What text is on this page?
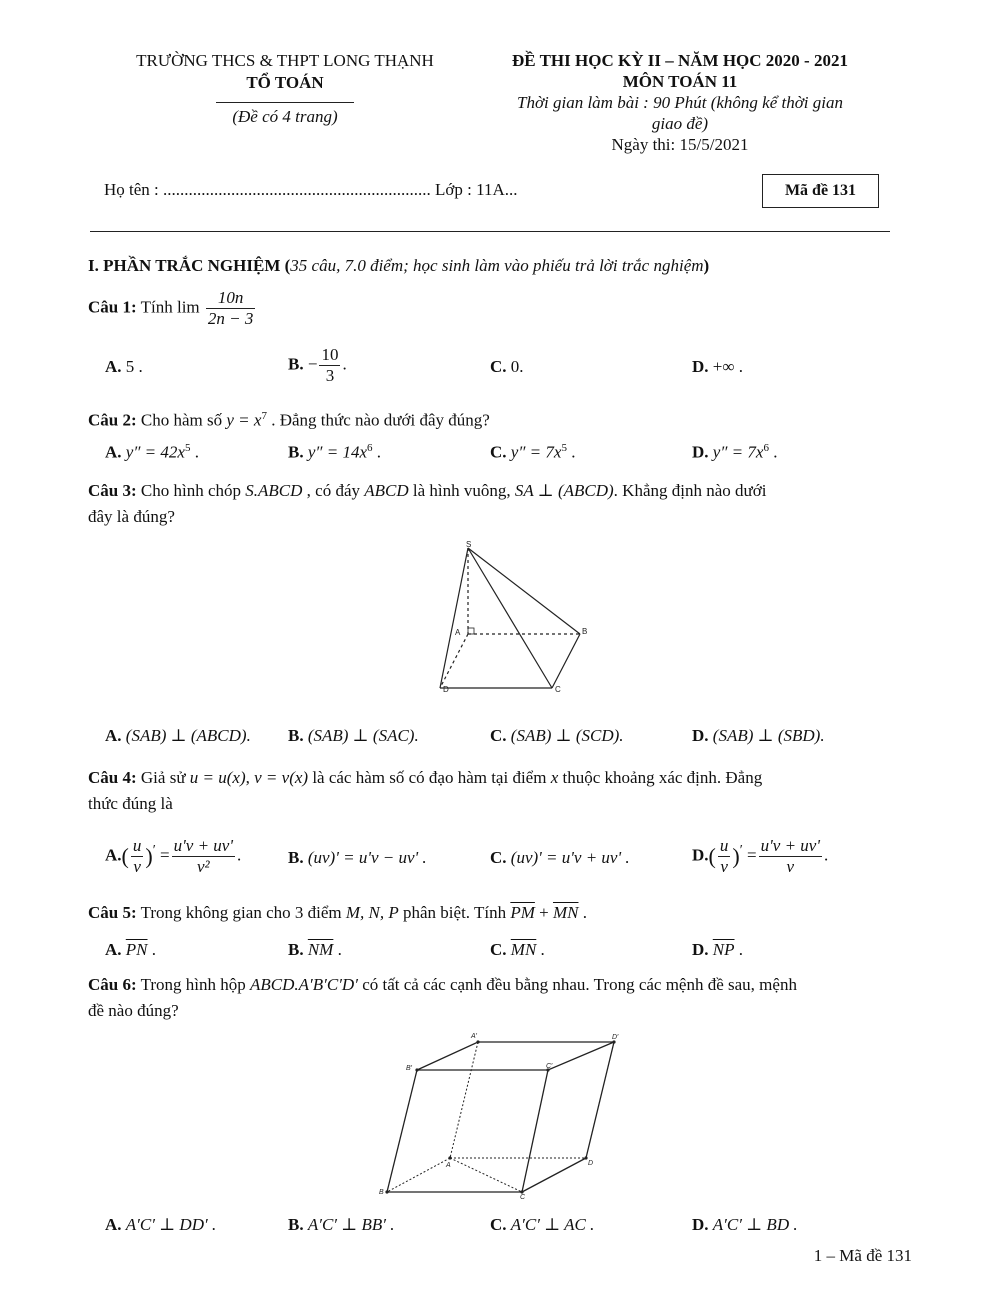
TRƯỜNG THCS & THPT LONG THẠNH
TỔ TOÁN
(Đề có 4 trang)
ĐỀ THI HỌC KỲ II – NĂM HỌC 2020 - 2021
MÔN TOÁN 11
Thời gian làm bài : 90 Phút (không kể thời gian
giao đề)
Ngày thi: 15/5/2021
Họ tên : ............................................................... Lớp : 11A...	Mã đề 131
I. PHẦN TRẮC NGHIỆM (35 câu, 7.0 điểm; học sinh làm vào phiếu trả lời trắc nghiệm)
Câu 1: Tính $\lim \frac{10n}{2n - 3}$
A. 5 .	B. − $\frac{10}{3}$ .	C. 0.	D. +∞ .
Câu 2: Cho hàm số $y = x^7$ . Đẳng thức nào dưới đây đúng?
A. $y'' = 42x^5$ .	B. $y'' = 14x^6$ .	C. $y'' = 7x^5$ .	D. $y'' = 7x^6$ .
Câu 3: Cho hình chóp S.ABCD , có đáy ABCD là hình vuông, SA ⊥ (ABCD). Khẳng định nào dưới
đây là đúng?
S
A	B
C
D
A. (SAB) ⊥ (ABCD). B. (SAB) ⊥ (SAC).	C. (SAB) ⊥ (SCD).	D. (SAB) ⊥ (SBD).
Câu 4: Giả sử u = u(x), v = v(x) là các hàm số có đạo hàm tại điểm x thuộc khoảng xác định. Đẳng
thức đúng là
$A.( \frac{u}{v} )' = \frac{u'v + uv'}{\text{v²}}$ .	B. (uv)' = u'v − uv' .	C. (uv)' = u'v + uv' .	$D.( \frac{u}{v} )' = \frac{u'v + uv'}{v}$ .
Câu 5: Trong không gian cho 3 điểm M, N, P phân biệt. Tính $\overline{PM} + \overline{MN}$ .
A. $\overline{PN}$ .	B. $\overline{NM}$ .	C. $\overline{MN}$ .	D. $\overline{NP}$ .
Câu 6: Trong hình hộp ABCD.A′B′C′D′ có tất cả các cạnh đều bằng nhau. Trong các mệnh đề sau, mệnh
đề nào đúng?
A′	D′
B′	C′
A	D
B
C
A. A′C′ ⊥ DD′ .	B. A′C′ ⊥ BB′ .	C. A′C′ ⊥ AC .	D. A′C′ ⊥ BD .
1 – Mã đề 131
